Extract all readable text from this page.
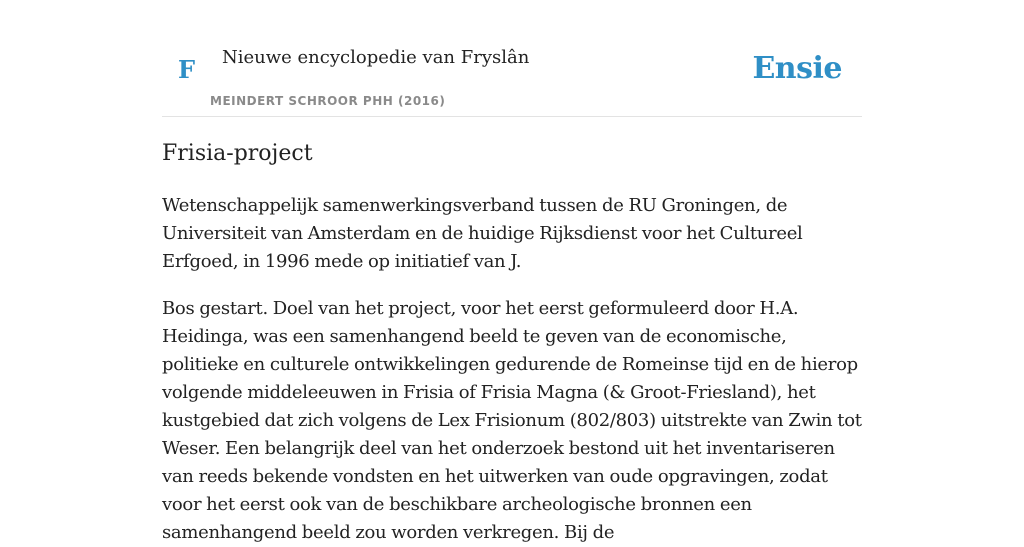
F Nieuwe encyclopedie van Fryslân
MEINDERT SCHROOR PHH (2016)
Ensie
Frisia-project

Wetenschappelijk samenwerkingsverband tussen de RU Groningen, de Universiteit van Amsterdam en de huidige Rijksdienst voor het Cultureel Erfgoed, in 1996 mede op initiatief van J.

Bos gestart. Doel van het project, voor het eerst geformuleerd door H.A. Heidinga, was een samenhangend beeld te geven van de economische, politieke en culturele ontwikkelingen gedurende de Romeinse tijd en de hierop volgende middeleeuwen in Frisia of Frisia Magna (& Groot-Friesland), het kustgebied dat zich volgens de Lex Frisionum (802/803) uitstrekte van Zwin tot Weser. Een belangrijk deel van het onderzoek bestond uit het inventariseren van reeds bekende vondsten en het uitwerken van oude opgravingen, zodat voor het eerst ook van de beschikbare archeologische bronnen een samenhangend beeld zou worden verkregen. Bij de
